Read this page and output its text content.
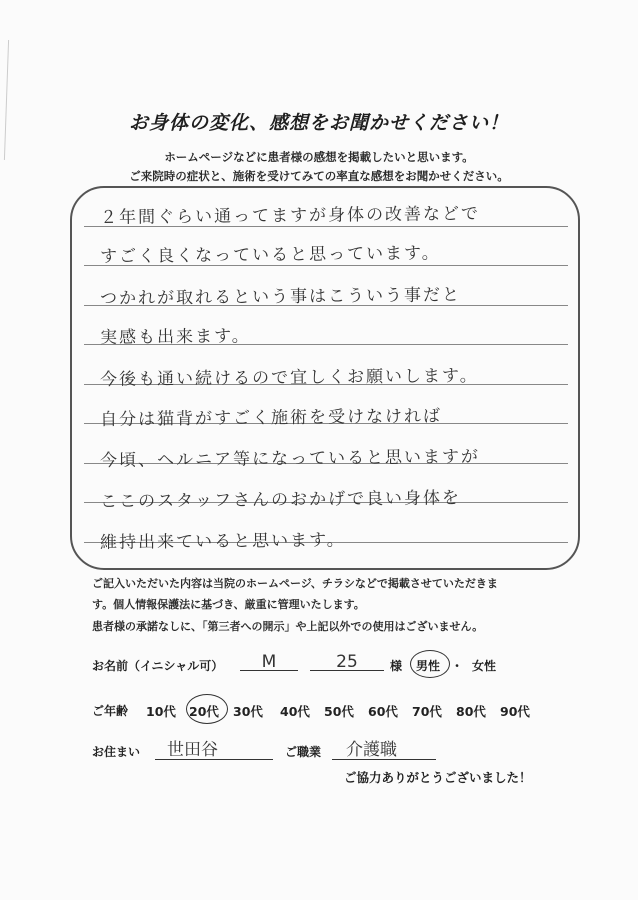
お身体の変化、感想をお聞かせください！
ホームページなどに患者様の感想を掲載したいと思います。
ご来院時の症状と、施術を受けてみての率直な感想をお聞かせください。
２年間ぐらい通ってますが身体の改善などで
すごく良くなっていると思っています。
つかれが取れるという事はこういう事だと
実感も出来ます。
今後も通い続けるので宜しくお願いします。
自分は猫背がすごく施術を受けなければ
今頃、ヘルニア等になっていると思いますが
ここのスタッフさんのおかげで良い身体を
維持出来ていると思います。
ご記入いただいた内容は当院のホームページ、チラシなどで掲載させていただきま
す。個人情報保護法に基づき、厳重に管理いたします。
患者様の承諾なしに、「第三者への開示」や上記以外での使用はございません。
お名前（イニシャル可）	M	25	様 男性 ・ 女性
ご年齢 10代 20代 30代 40代 50代 60代 70代 80代 90代
お住まい	世田谷	ご職業	介護職
ご協力ありがとうございました！
